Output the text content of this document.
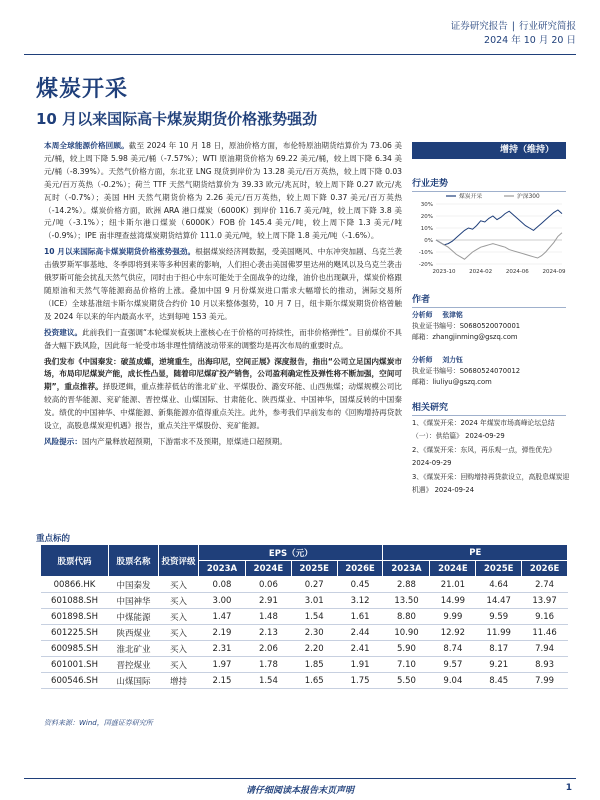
证券研究报告 | 行业研究简报
2024 年 10 月 20 日
煤炭开采
10 月以来国际高卡煤炭期货价格涨势强劲

本周全球能源价格回顾。截至 2024 年 10 月 18 日，原油价格方面，布伦特原油期货结算价为 73.06 美元/桶，较上周下降 5.98 美元/桶（-7.57%）；WTI 原油期货价格为 69.22 美元/桶，较上周下降 6.34 美元/桶（-8.39%）。天然气价格方面，东北亚 LNG 现货到岸价为 13.28 美元/百万英热，较上周下降 0.03 美元/百万英热（-0.2%）；荷兰 TTF 天然气期货结算价为 39.33 欧元/兆瓦时，较上周下降 0.27 欧元/兆瓦时（-0.7%）；美国 HH 天然气期货价格为 2.26 美元/百万英热，较上周下降 0.37 美元/百万英热（-14.2%）。煤炭价格方面，欧洲 ARA 港口煤炭（6000K）到岸价 116.7 美元/吨，较上周下降 3.8 美元/吨（-3.1%）；纽卡斯尔港口煤炭（6000K）FOB 价 145.4 美元/吨，较上周下降 1.3 美元/吨（-0.9%）；IPE 南非理查兹湾煤炭期货结算价 111.0 美元/吨，较上周下降 1.8 美元/吨（-1.6%）。

10 月以来国际高卡煤炭期货价格涨势强劲。根据煤炭经济网数据，受美国飓风、中东冲突加剧、乌克兰袭击俄罗斯军事基地、冬季即将到来等多种因素的影响，人们担心袭击美国佛罗里达州的飓风以及乌克兰袭击俄罗斯可能会扰乱天然气供应，同时由于担心中东可能处于全面战争的边缘，油价也出现飙升，煤炭价格跟随原油和天然气等能源商品价格的上涨。叠加中国 9 月份煤炭进口需求大幅增长的推动，洲际交易所（ICE）全球基准纽卡斯尔煤炭期货合约价 10 月以来整体强势，10 月 7 日，纽卡斯尔煤炭期货价格曾触及 2024 年以来的年内最高水平，达到每吨 153 美元。

投资建议。此前我们一直强调“本轮煤炭板块上涨核心在于价格的可持续性，而非价格弹性”。目前煤价不具备大幅下跌风险，因此每一轮受市场非理性情绪波动带来的调整均是再次布局的重要时点。

我们发布《中国秦发：破茧成蝶，逆境重生，出海印尼，空间正展》深度报告，指出“公司立足国内煤炭市场，布局印尼煤炭产能，成长性凸显，随着印尼煤矿投产销售，公司盈利确定性及弹性将不断加强，空间可期”，重点推荐。择股逻辑，重点推荐低估的淮北矿业、平煤股份、潞安环能、山西焦煤；动煤规模公司比较高的晋华能源、兖矿能源、晋控煤业、山煤国际、甘肃能化、陕西煤业、中国神华，国煤反转的中国秦发。绩优的中国神华、中煤能源、新集能源亦值得重点关注。此外，参考我们早前发布的《回购增持再贷款设立，高股息煤炭迎机遇》报告，重点关注平煤股份、兖矿能源。

风险提示：国内产量释放超预期，下游需求不及预期，原煤进口超预期。

增持（维持）
行业走势
30%
20%
10%
0%
-10%
-20%
2023-10 2024-02 2024-06 2024-09
煤炭开采	沪深300
作者
分析师 张津铭
执业证书编号：S0680520070001
邮箱：zhangjinming@gszq.com
分析师 刘力钰
执业证书编号：S0680524070012
邮箱：liuliyu@gszq.com
相关研究
1、《煤炭开采：2024 年煤炭市场高峰论坛总结（一）：供给篇》 2024-09-29
2、《煤炭开采：东风，再乐观一点，弹性优先》 2024-09-29
3、《煤炭开采：回购增持再贷款设立，高股息煤炭迎机遇》 2024-09-24
重点标的
股票代码	股票名称	投资评级	EPS（元）				PE			
			2023A	2024E	2025E	2026E	2023A	2024E	2025E	2026E
00866.HK	中国秦发	买入	0.08	0.06	0.27	0.45	2.88	21.01	4.64	2.74
601088.SH	中国神华	买入	3.00	2.91	3.01	3.12	13.50	14.99	14.47	13.97
601898.SH	中煤能源	买入	1.47	1.48	1.54	1.61	8.80	9.99	9.59	9.16
601225.SH	陕西煤业	买入	2.19	2.13	2.30	2.44	10.90	12.92	11.99	11.46
600985.SH	淮北矿业	买入	2.31	2.06	2.20	2.41	5.90	8.74	8.17	7.94
601001.SH	晋控煤业	买入	1.97	1.78	1.85	1.91	7.10	9.57	9.21	8.93
600546.SH	山煤国际	增持	2.15	1.54	1.65	1.75	5.50	9.04	8.45	7.99
资料来源：Wind，国盛证券研究所
请仔细阅读本报告末页声明	1
